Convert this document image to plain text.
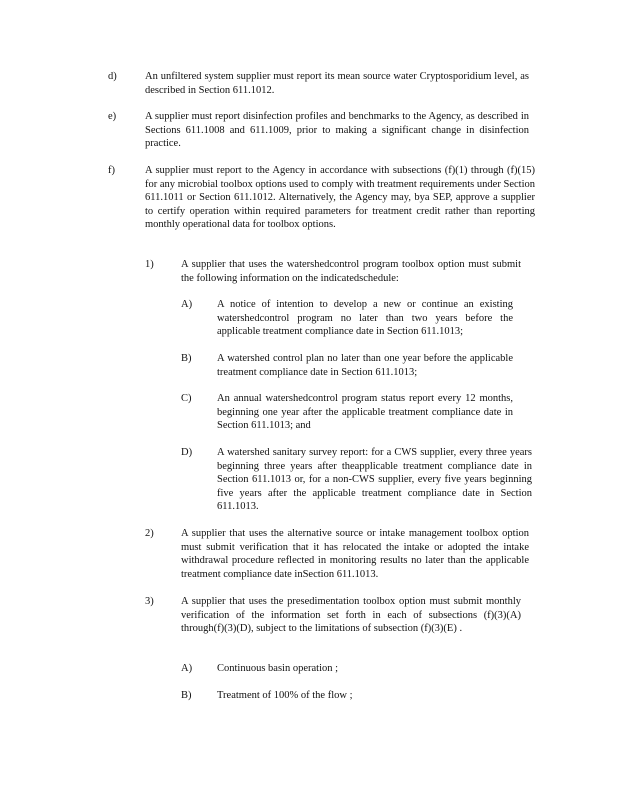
d)	An unfiltered system supplier must report its mean source water Cryptosporidium level, as described in Section 611.1012.
e)	A supplier must report disinfection profiles and benchmarks to the Agency, as described in Sections 611.1008 and 611.1009, prior to making a significant change in disinfection practice.
f)	A supplier must report to the Agency in accordance with subsections (f)(1) through (f)(15) for any microbial toolbox options used to comply with treatment requirements under Section 611.1011 or Section 611.1012. Alternatively, the Agency may, bya SEP, approve a supplier to certify operation within required parameters for treatment credit rather than reporting monthly operational data for toolbox options.
1)	A supplier that uses the watershedcontrol program toolbox option must submit the following information on the indicatedschedule:
A) A notice of intention to develop a new or continue an existing watershedcontrol program no later than two years before the applicable treatment compliance date in Section 611.1013;
B) A watershed control plan no later than one year before the applicable treatment compliance date in Section 611.1013;
C) An annual watershedcontrol program status report every 12 months, beginning one year after the applicable treatment compliance date in Section 611.1013; and
D) A watershed sanitary survey report: for a CWS supplier, every three years beginning three years after theapplicable treatment compliance date in Section 611.1013 or, for a non-CWS supplier, every five years beginning five years after the applicable treatment compliance date in Section 611.1013.
2)	A supplier that uses the alternative source or intake management toolbox option must submit verification that it has relocated the intake or adopted the intake withdrawal procedure reflected in monitoring results no later than the applicable treatment compliance date inSection 611.1013.
3)	A supplier that uses the presedimentation toolbox option must submit monthly verification of the information set forth in each of subsections (f)(3)(A) through(f)(3)(D), subject to the limitations of subsection (f)(3)(E) .
A) Continuous basin operation ;
B) Treatment of 100% of the flow ;
